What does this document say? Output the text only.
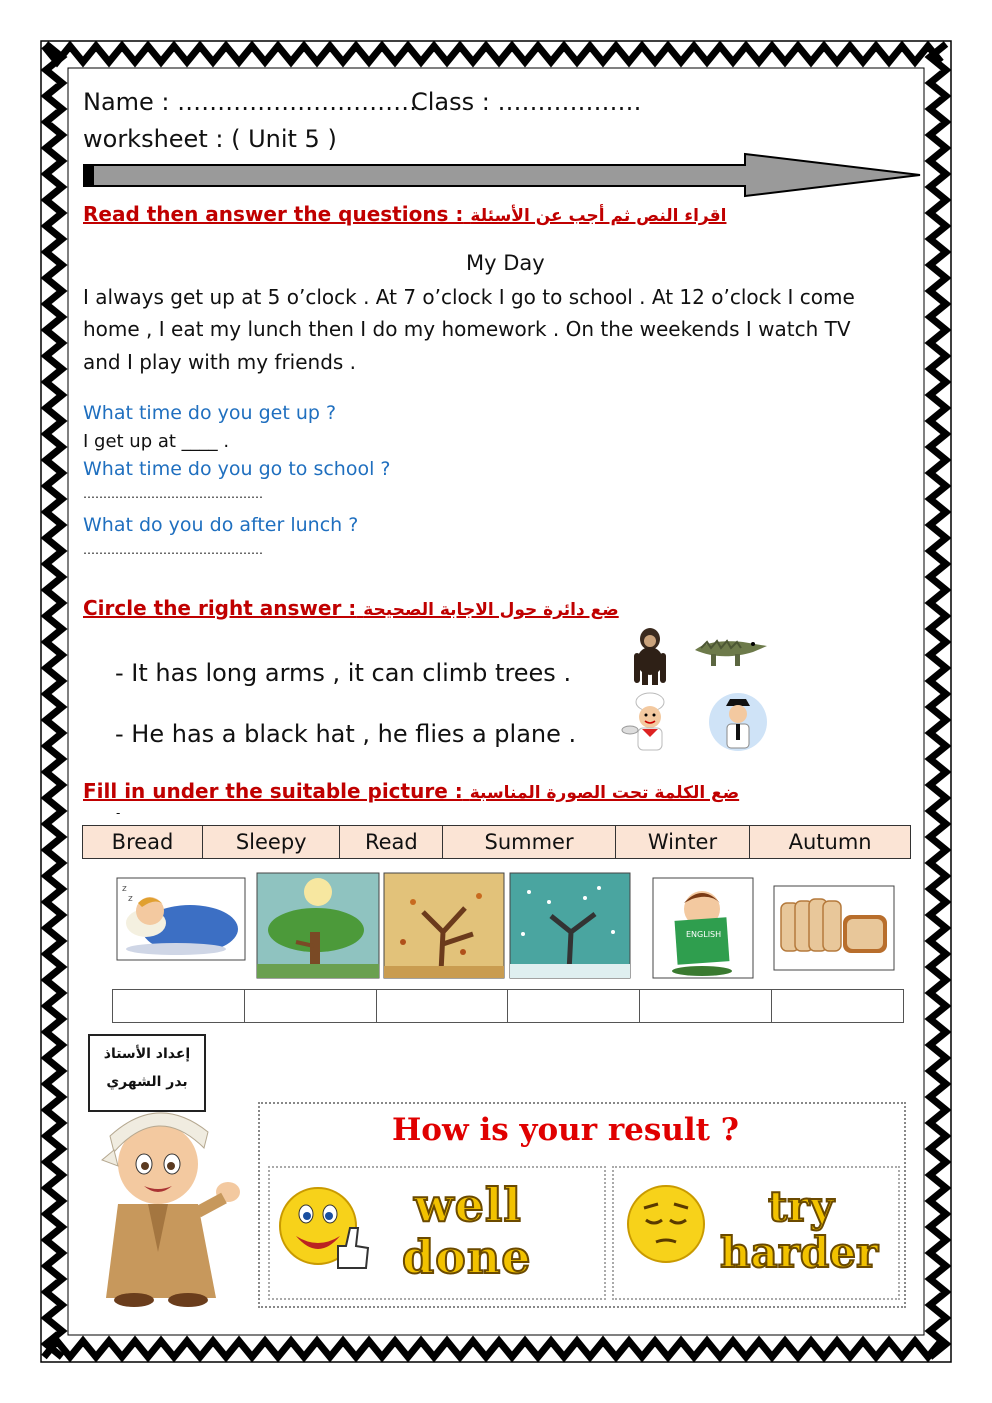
Name : …………………………
Class : ………………
worksheet : ( Unit 5 )
Read then answer the questions : اقراء النص ثم أجب عن الأسئلة
My Day
I always get up at 5 o’clock . At 7 o’clock I go to school . At 12 o’clock I come
home , I eat my lunch then I do my homework . On the weekends I watch TV
and I play with my friends .
What time do you get up ?
I get up at ____ .
What time do you go to school ?
………………………………………
What do you do after lunch ?
………………………………………
Circle the right answer : ضع دائرة حول الاجابة الصحيحة
- It has long arms , it can climb trees .
- He has a black hat , he flies a plane .
Fill in under the suitable picture : ضع الكلمة تحت الصورة المناسبة
-
Bread	Sleepy	Read	Summer	Winter	Autumn
z
z
ENGLISH

إعداد الأستاذ
بدر الشهري
How is your result ?
well
done
try
harder
